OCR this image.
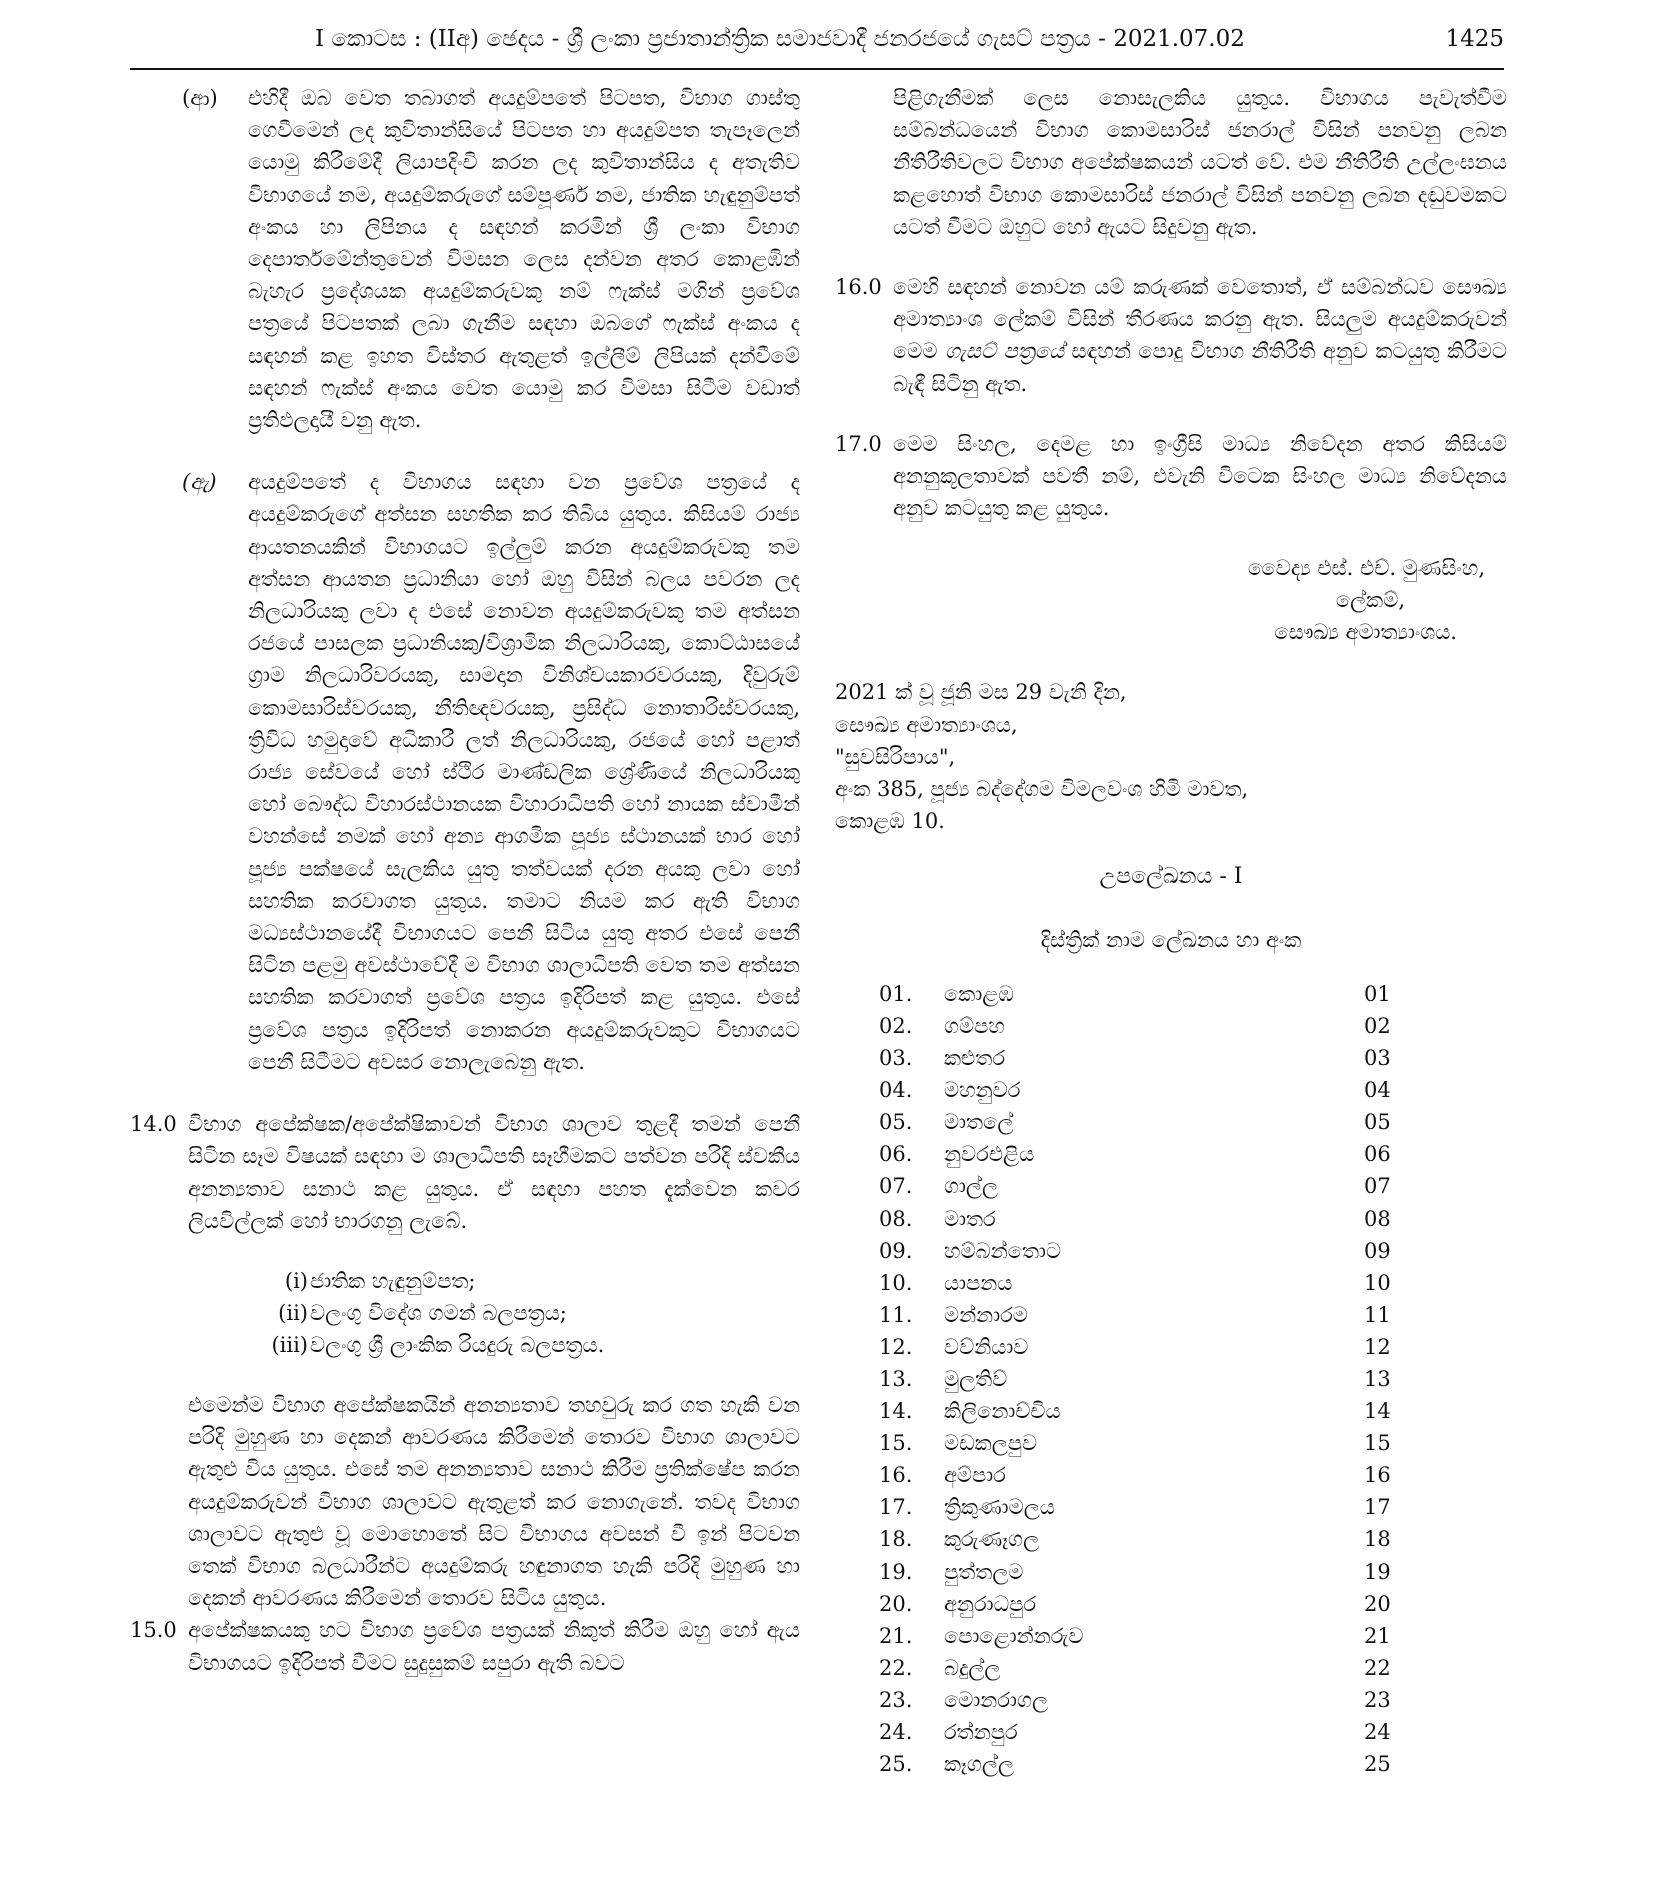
I කොටස : (IIඅ) ඡෙදය - ශ්‍රී ලංකා ප්‍රජාතාන්ත්‍රික සමාජවාදී ජනරජයේ ගැසට් පත්‍රය - 2021.07.02	1425
(ආ) එහිදී ඔබ වෙත තබාගත් අයදුම්පතේ පිටපත, විභාග ගාස්තු ගෙවීමෙන් ලද කුවිතාන්සියේ පිටපත හා අයදුම්පත තැපෑලෙන් යොමු කිරීමේදී ලියාපදිංචි කරන ලද කුවිතාන්සිය ද අතැතිව විභාගයේ නම, අයදුම්කරුගේ සම්පූර්ණ නම, ජාතික හැඳුනුම්පත් අංකය හා ලිපිනය ද සඳහන් කරමින් ශ්‍රී ලංකා විභාග දෙපාර්තමේන්තුවෙන් විමසන ලෙස දන්වන අතර කොළඹින් බැහැර ප්‍රදේශයක අයදුම්කරුවකු නම් ෆැක්ස් මගින් ප්‍රවේශ පත්‍රයේ පිටපතක් ලබා ගැනීම සඳහා ඔබගේ ෆැක්ස් අංකය ද සඳහන් කළ ඉහත විස්තර ඇතුළත් ඉල්ලීම් ලිපියක් දන්වීමේ සඳහන් ෆැක්ස් අංකය වෙත යොමු කර විමසා සිටීම වඩාත් ප්‍රතිඵලදායී වනු ඇත.

(ඇ) අයදුම්පතේ ද විභාගය සඳහා වන ප්‍රවේශ පත්‍රයේ ද අයදුම්කරුගේ අත්සන සහතික කර තිබිය යුතුය. කිසියම් රාජ්‍ය ආයතනයකින් විභාගයට ඉල්ලුම් කරන අයදුම්කරුවකු තම අත්සන ආයතන ප්‍රධානියා හෝ ඔහු විසින් බලය පවරන ලද නිලධාරියකු ලවා ද එසේ නොවන අයදුම්කරුවකු තම අත්සන රජයේ පාසලක ප්‍රධානියකු/විශ්‍රාමික නිලධාරියකු, කොට්ඨාසයේ ග්‍රාම නිලධාරිවරයකු, සාමදාන විනිශ්චයකාරවරයකු, දිවුරුම් කොමසාරිස්වරයකු, නීතිඥවරයකු, ප්‍රසිද්ධ නොතාරිස්වරයකු, ත්‍රිවිධ හමුදාවේ අධිකාරී ලත් නිලධාරියකු, රජයේ හෝ පළාත් රාජ්‍ය සේවයේ හෝ ස්ථිර මාණ්ඩලික ශ්‍රේණියේ නිලධාරියකු හෝ බෞද්ධ විහාරස්ථානයක විහාරාධිපති හෝ නායක ස්වාමීන් වහන්සේ නමක් හෝ අන්‍ය ආගමික පූජ්‍ය ස්ථානයක් භාර හෝ පූජ්‍ය පක්ෂයේ සැලකිය යුතු තත්වයක් දරන අයකු ලවා හෝ සහතික කරවාගත යුතුය. තමාට නියම කර ඇති විභාග මධ්‍යස්ථානයේදී විභාගයට පෙනී සිටිය යුතු අතර එසේ පෙනී සිටින පළමු අවස්ථාවේදී ම විභාග ශාලාධිපති වෙත තම අත්සන සහතික කරවාගත් ප්‍රවේශ පත්‍රය ඉදිරිපත් කළ යුතුය. එසේ ප්‍රවේශ පත්‍රය ඉදිරිපත් නොකරන අයදුම්කරුවකුට විභාගයට පෙනී සිටීමට අවසර නොලැබෙනු ඇත.

14.0 විභාග අපේක්ෂක/අපේක්ෂිකාවන් විභාග ශාලාව තුළදී තමන් පෙනී සිටින සෑම විෂයක් සඳහා ම ශාලාධිපති සෑහීමකට පත්වන පරිදි ස්වකීය අනන්‍යතාව සනාථ කළ යුතුය. ඒ සඳහා පහත දැක්වෙන කවර ලියවිල්ලක් හෝ භාරගනු ලැබේ.

(i) ජාතික හැඳුනුම්පත;
(ii) වලංගු විදේශ ගමන් බලපත්‍රය;
(iii) වලංගු ශ්‍රී ලාංකික රියදුරු බලපත්‍රය.

එමෙන්ම විභාග අපේක්ෂකයින් අනන්‍යතාව තහවුරු කර ගත හැකි වන පරිදි මුහුණ හා දෙකන් ආවරණය කිරීමෙන් තොරව විභාග ශාලාවට ඇතුළු විය යුතුය. එසේ තම අනන්‍යතාව සනාථ කිරීම ප්‍රතික්ෂේප කරන අයදුම්කරුවන් විභාග ශාලාවට ඇතුළත් කර නොගැනේ. තවද විභාග ශාලාවට ඇතුළු වූ මොහොතේ සිට විභාගය අවසන් වී ඉන් පිටවන තෙක් විභාග බලධාරීන්ට අයදුම්කරු හඳුනාගත හැකි පරිදි මුහුණ හා දෙකන් ආවරණය කිරීමෙන් තොරව සිටිය යුතුය.

15.0 අපේක්ෂකයකු හට විභාග ප්‍රවේශ පත්‍රයක් නිකුත් කිරීම ඔහු හෝ ඇය විභාගයට ඉදිරිපත් වීමට සුදුසුකම් සපුරා ඇති බවට

පිළිගැනීමක් ලෙස නොසැලකිය යුතුය. විභාගය පැවැත්වීම සම්බන්ධයෙන් විභාග කොමසාරිස් ජනරාල් විසින් පනවනු ලබන නීතිරීතිවලට විභාග අපේක්ෂකයන් යටත් වේ. එම නීතිරීති උල්ලංඝනය කළහොත් විභාග කොමසාරිස් ජනරාල් විසින් පනවනු ලබන දඬුවමකට යටත් වීමට ඔහුට හෝ ඇයට සිදුවනු ඇත.

16.0 මෙහි සඳහන් නොවන යම් කරුණක් වෙතොත්, ඒ සම්බන්ධව සෞඛ්‍ය අමාත්‍යාංශ ලේකම් විසින් තීරණය කරනු ඇත. සියලුම අයදුම්කරුවන් මෙම ගැසට් පත්‍රයේ සඳහන් පොදු විභාග නීතිරීති අනුව කටයුතු කිරීමට බැඳී සිටිනු ඇත.

17.0 මෙම සිංහල, දෙමළ හා ඉංග්‍රීසි මාධ්‍ය නිවේදන අතර කිසියම් අනනුකූලතාවක් පවතී නම්, එවැනි විටෙක සිංහල මාධ්‍ය නිවේදනය අනුව කටයුතු කළ යුතුය.

වෛද්‍ය එස්. එච්. මුණසිංහ,
ලේකම්,
සෞඛ්‍ය අමාත්‍යාංශය.
2021 ක් වූ ජූනි මස 29 වැනි දින,
සෞඛ්‍ය අමාත්‍යාංශය,
"සුවසිරිපාය",
අංක 385, පූජ්‍ය බද්දේගම විමලවංශ හිමි මාවත,
කොළඹ 10.
උපලේඛනය - I
දිස්ත්‍රික් නාම ලේඛනය හා අංක
01.	කොළඹ	01
02.	ගම්පහ	02
03.	කළුතර	03
04.	මහනුවර	04
05.	මාතලේ	05
06.	නුවරඑළිය	06
07.	ගාල්ල	07
08.	මාතර	08
09.	හම්බන්තොට	09
10.	යාපනය	10
11.	මන්නාරම	11
12.	වව්නියාව	12
13.	මුලතිව්	13
14.	කිලිනොච්චිය	14
15.	මඩකලපුව	15
16.	අම්පාර	16
17.	ත්‍රිකුණාමලය	17
18.	කුරුණෑගල	18
19.	පුත්තලම	19
20.	අනුරාධපුර	20
21.	පොළොන්නරුව	21
22.	බදුල්ල	22
23.	මොනරාගල	23
24.	රත්නපුර	24
25.	කෑගල්ල	25
